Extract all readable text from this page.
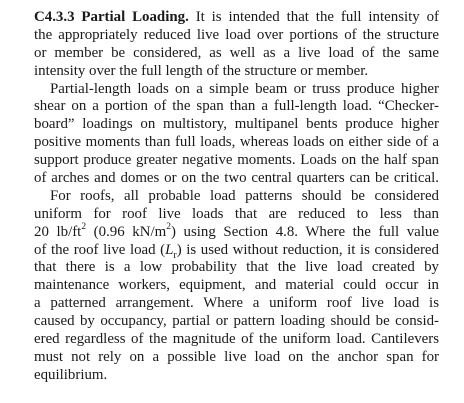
C4.3.3 Partial Loading. It is intended that the full intensity of
the appropriately reduced live load over portions of the structure
or member be considered, as well as a live load of the same
intensity over the full length of the structure or member.
Partial-length loads on a simple beam or truss produce higher
shear on a portion of the span than a full-length load. “Checker-
board” loadings on multistory, multipanel bents produce higher
positive moments than full loads, whereas loads on either side of a
support produce greater negative moments. Loads on the half span
of arches and domes or on the two central quarters can be critical.
For roofs, all probable load patterns should be considered
uniform for roof live loads that are reduced to less than
20 $lb/ft^2$ (0.96 $kN/m^2$) using Section 4.8. Where the full value
of the roof live load $(L_r)$ is used without reduction, it is considered
that there is a low probability that the live load created by
maintenance workers, equipment, and material could occur in
a patterned arrangement. Where a uniform roof live load is
caused by occupancy, partial or pattern loading should be consid-
ered regardless of the magnitude of the uniform load. Cantilevers
must not rely on a possible live load on the anchor span for
equilibrium.
